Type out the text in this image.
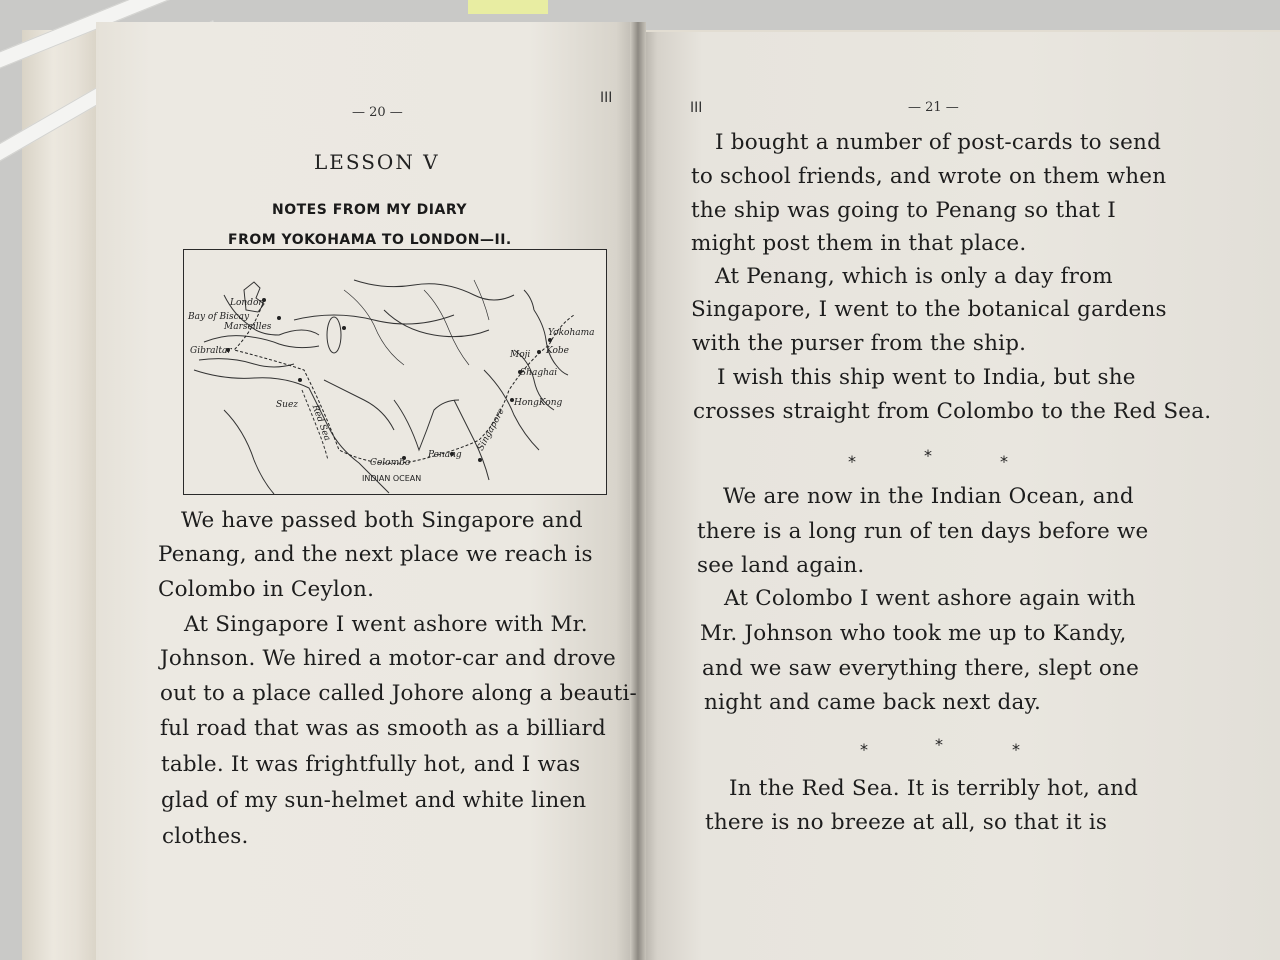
— 20 —
III
LESSON V
NOTES FROM MY DIARY
FROM YOKOHAMA TO LONDON—II.
London
Bay of Biscay
Marseilles
Gibraltar
Suez Red Sea
Yokohama
Moji Kobe
Shaghai
HongKong
Singapore
Colombo
Penang
INDIAN OCEAN
We have passed both Singapore and
Penang, and the next place we reach is
Colombo in Ceylon.
At Singapore I went ashore with Mr.
Johnson. We hired a motor-car and drove
out to a place called Johore along a beauti-
ful road that was as smooth as a billiard
table. It was frightfully hot, and I was
glad of my sun-helmet and white linen
clothes.
III	— 21 —
I bought a number of post-cards to send
to school friends, and wrote on them when
the ship was going to Penang so that I
might post them in that place.
At Penang, which is only a day from
Singapore, I went to the botanical gardens
with the purser from the ship.
I wish this ship went to India, but she
crosses straight from Colombo to the Red Sea.
*	*	*
We are now in the Indian Ocean, and
there is a long run of ten days before we
see land again.
At Colombo I went ashore again with
Mr. Johnson who took me up to Kandy,
and we saw everything there, slept one
night and came back next day.
*	*	*
In the Red Sea. It is terribly hot, and
there is no breeze at all, so that it is
